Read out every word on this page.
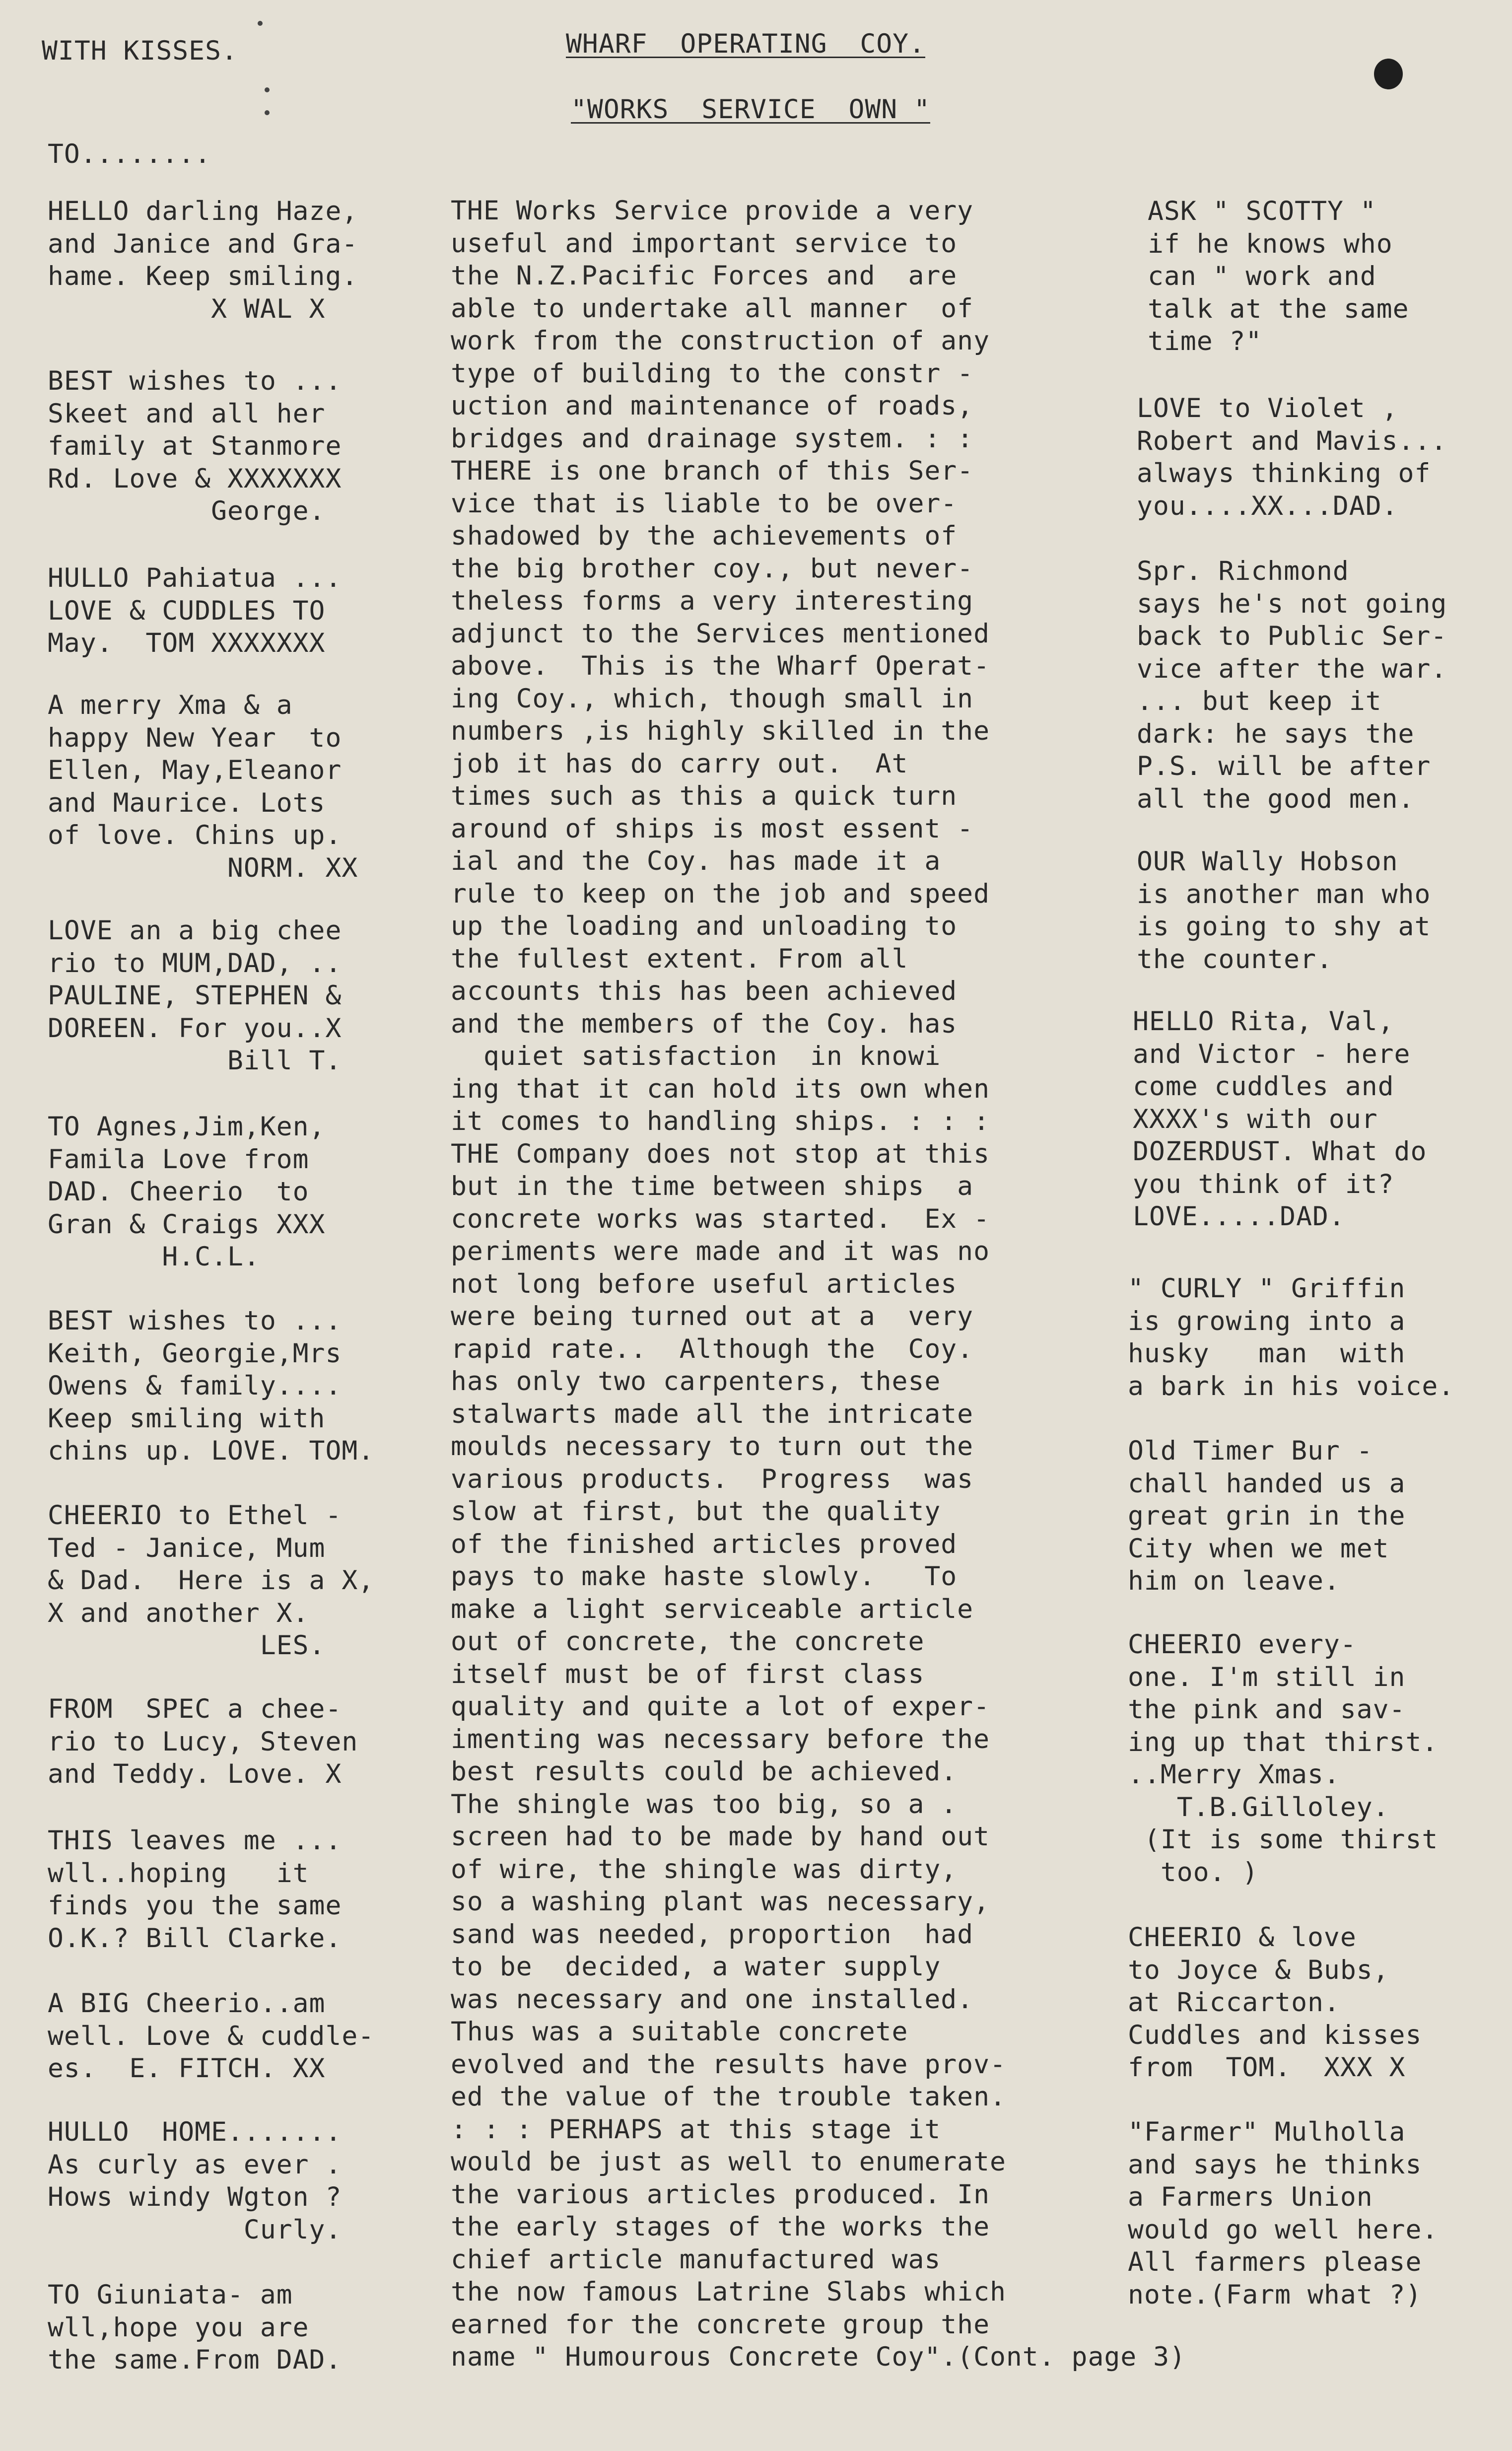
WITH KISSES.
TO........
WHARF  OPERATING  COY.
"WORKS  SERVICE  OWN "
HELLO darling Haze,
and Janice and Gra-
hame. Keep smiling.
X WAL X
BEST wishes to ...
Skeet and all her
family at Stanmore
Rd. Love & XXXXXXX
George.
HULLO Pahiatua ...
LOVE & CUDDLES TO
May.  TOM XXXXXXX
A merry Xma & a
happy New Year  to
Ellen, May,Eleanor
and Maurice. Lots
of love. Chins up.
NORM. XX
LOVE an a big chee
rio to MUM,DAD, ..
PAULINE, STEPHEN &
DOREEN. For you..X
Bill T.
TO Agnes,Jim,Ken,
Famila Love from
DAD. Cheerio  to
Gran & Craigs XXX
H.C.L.
BEST wishes to ...
Keith, Georgie,Mrs
Owens & family....
Keep smiling with
chins up. LOVE. TOM.
CHEERIO to Ethel -
Ted - Janice, Mum
& Dad.  Here is a X,
X and another X.
LES.
FROM  SPEC a chee-
rio to Lucy, Steven
and Teddy. Love. X
THIS leaves me ...
wll..hoping   it
finds you the same
O.K.? Bill Clarke.
A BIG Cheerio..am
well. Love & cuddle-
es.  E. FITCH. XX
HULLO  HOME.......
As curly as ever .
Hows windy Wgton ?
Curly.
TO Giuniata- am
wll,hope you are
the same.From DAD.
THE Works Service provide a very
useful and important service to
the N.Z.Pacific Forces and  are
able to undertake all manner  of
work from the construction of any
type of building to the constr -
uction and maintenance of roads,
bridges and drainage system. : :
THERE is one branch of this Ser-
vice that is liable to be over-
shadowed by the achievements of
the big brother coy., but never-
theless forms a very interesting
adjunct to the Services mentioned
above.  This is the Wharf Operat-
ing Coy., which, though small in
numbers ,is highly skilled in the
job it has do carry out.  At
times such as this a quick turn
around of ships is most essent -
ial and the Coy. has made it a
rule to keep on the job and speed
up the loading and unloading to
the fullest extent. From all
accounts this has been achieved
and the members of the Coy. has
quiet satisfaction  in knowi
ing that it can hold its own when
it comes to handling ships. : : :
THE Company does not stop at this
but in the time between ships  a
concrete works was started.  Ex -
periments were made and it was no
not long before useful articles
were being turned out at a  very
rapid rate..  Although the  Coy.
has only two carpenters, these
stalwarts made all the intricate
moulds necessary to turn out the
various products.  Progress  was
slow at first, but the quality
of the finished articles proved
pays to make haste slowly.   To
make a light serviceable article
out of concrete, the concrete
itself must be of first class
quality and quite a lot of exper-
imenting was necessary before the
best results could be achieved.
The shingle was too big, so a .
screen had to be made by hand out
of wire, the shingle was dirty,
so a washing plant was necessary,
sand was needed, proportion  had
to be  decided, a water supply
was necessary and one installed.
Thus was a suitable concrete
evolved and the results have prov-
ed the value of the trouble taken.
: : : PERHAPS at this stage it
would be just as well to enumerate
the various articles produced. In
the early stages of the works the
chief article manufactured was
the now famous Latrine Slabs which
earned for the concrete group the
name " Humourous Concrete Coy".(Cont. page 3)
ASK " SCOTTY "
if he knows who
can " work and
talk at the same
time ?"
LOVE to Violet ,
Robert and Mavis...
always thinking of
you....XX...DAD.
Spr. Richmond
says he's not going
back to Public Ser-
vice after the war.
... but keep it
dark: he says the
P.S. will be after
all the good men.
OUR Wally Hobson
is another man who
is going to shy at
the counter.
HELLO Rita, Val,
and Victor - here
come cuddles and
XXXX's with our
DOZERDUST. What do
you think of it?
LOVE.....DAD.
" CURLY " Griffin
is growing into a
husky   man  with
a bark in his voice.
Old Timer Bur -
chall handed us a
great grin in the
City when we met
him on leave.
CHEERIO every-
one. I'm still in
the pink and sav-
ing up that thirst.
..Merry Xmas.
T.B.Gilloley.
(It is some thirst
too. )
CHEERIO & love
to Joyce & Bubs,
at Riccarton.
Cuddles and kisses
from  TOM.  XXX X
"Farmer" Mulholla
and says he thinks
a Farmers Union
would go well here.
All farmers please
note.(Farm what ?)
